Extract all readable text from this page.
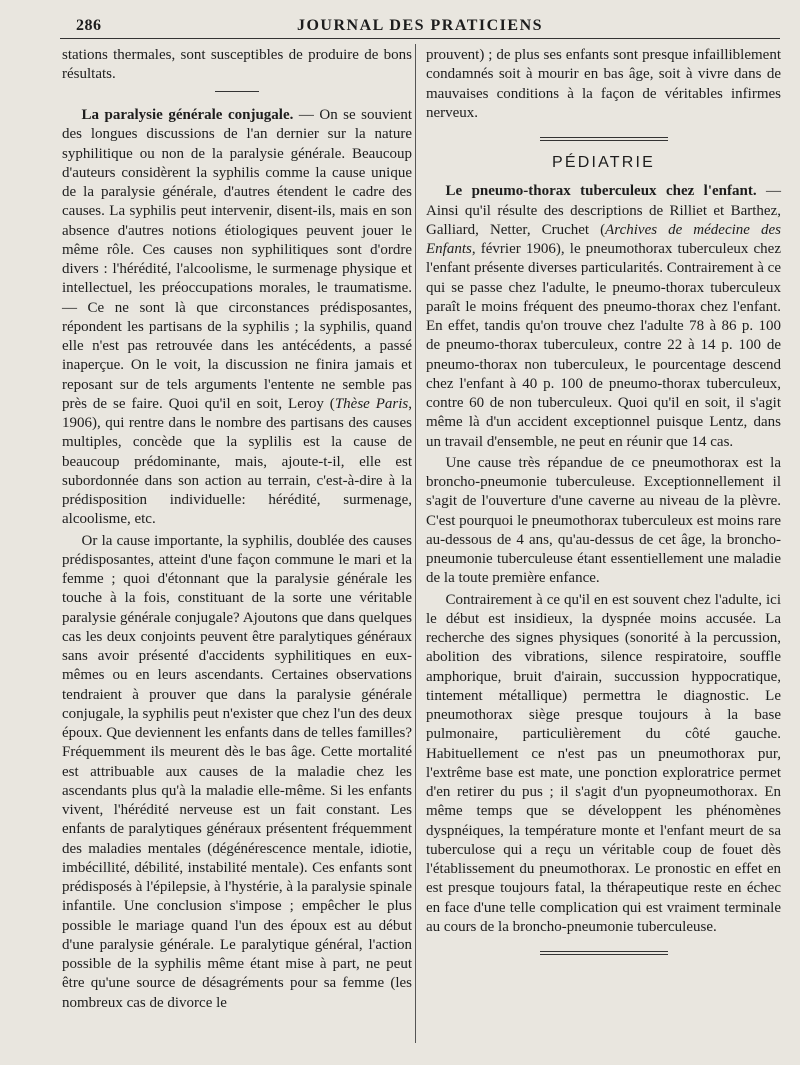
286	JOURNAL DES PRATICIENS

stations thermales, sont susceptibles de produire de bons résultats.

La paralysie générale conjugale. — On se souvient des longues discussions de l'an dernier sur la nature syphilitique ou non de la paralysie générale. Beaucoup d'auteurs considèrent la syphilis comme la cause unique de la paralysie générale, d'autres étendent le cadre des causes. La syphilis peut intervenir, disent-ils, mais en son absence d'autres notions étiologiques peuvent jouer le même rôle. Ces causes non syphilitiques sont d'ordre divers : l'hérédité, l'alcoolisme, le surmenage physique et intellectuel, les préoccupations morales, le traumatisme. — Ce ne sont là que circonstances prédisposantes, répondent les partisans de la syphilis ; la syphilis, quand elle n'est pas retrouvée dans les antécédents, a passé inaperçue. On le voit, la discussion ne finira jamais et reposant sur de tels arguments l'entente ne semble pas près de se faire. Quoi qu'il en soit, Leroy (Thèse Paris, 1906), qui rentre dans le nombre des partisans des causes multiples, concède que la syplilis est la cause de beaucoup prédominante, mais, ajoute-t-il, elle est subordonnée dans son action au terrain, c'est-à-dire à la prédisposition individuelle: hérédité, surmenage, alcoolisme, etc.

Or la cause importante, la syphilis, doublée des causes prédisposantes, atteint d'une façon commune le mari et la femme ; quoi d'étonnant que la paralysie générale les touche à la fois, constituant de la sorte une véritable paralysie générale conjugale? Ajoutons que dans quelques cas les deux conjoints peuvent être paralytiques généraux sans avoir présenté d'accidents syphilitiques en eux-mêmes ou en leurs ascendants. Certaines observations tendraient à prouver que dans la paralysie générale conjugale, la syphilis peut n'exister que chez l'un des deux époux. Que deviennent les enfants dans de telles familles? Fréquemment ils meurent dès le bas âge. Cette mortalité est attribuable aux causes de la maladie chez les ascendants plus qu'à la maladie elle-même. Si les enfants vivent, l'hérédité nerveuse est un fait constant. Les enfants de paralytiques généraux présentent fréquemment des maladies mentales (dégénérescence mentale, idiotie, imbécillité, débilité, instabilité mentale). Ces enfants sont prédisposés à l'épilepsie, à l'hystérie, à la paralysie spinale infantile. Une conclusion s'impose ; empêcher le plus possible le mariage quand l'un des époux est au début d'une paralysie générale. Le paralytique général, l'action possible de la syphilis même étant mise à part, ne peut être qu'une source de désagréments pour sa femme (les nombreux cas de divorce le

prouvent) ; de plus ses enfants sont presque infailliblement condamnés soit à mourir en bas âge, soit à vivre dans de mauvaises conditions à la façon de véritables infirmes nerveux.

PÉDIATRIE

Le pneumo-thorax tuberculeux chez l'enfant. — Ainsi qu'il résulte des descriptions de Rilliet et Barthez, Galliard, Netter, Cruchet (Archives de médecine des Enfants, février 1906), le pneumothorax tuberculeux chez l'enfant présente diverses particularités. Contrairement à ce qui se passe chez l'adulte, le pneumo-thorax tuberculeux paraît le moins fréquent des pneumo-thorax chez l'enfant. En effet, tandis qu'on trouve chez l'adulte 78 à 86 p. 100 de pneumo-thorax tuberculeux, contre 22 à 14 p. 100 de pneumo-thorax non tuberculeux, le pourcentage descend chez l'enfant à 40 p. 100 de pneumo-thorax tuberculeux, contre 60 de non tuberculeux. Quoi qu'il en soit, il s'agit même là d'un accident exceptionnel puisque Lentz, dans un travail d'ensemble, ne peut en réunir que 14 cas.

Une cause très répandue de ce pneumothorax est la broncho-pneumonie tuberculeuse. Exceptionnellement il s'agit de l'ouverture d'une caverne au niveau de la plèvre. C'est pourquoi le pneumothorax tuberculeux est moins rare au-dessous de 4 ans, qu'au-dessus de cet âge, la broncho-pneumonie tuberculeuse étant essentiellement une maladie de la toute première enfance.

Contrairement à ce qu'il en est souvent chez l'adulte, ici le début est insidieux, la dyspnée moins accusée. La recherche des signes physiques (sonorité à la percussion, abolition des vibrations, silence respiratoire, souffle amphorique, bruit d'airain, succussion hyppocratique, tintement métallique) permettra le diagnostic. Le pneumothorax siège presque toujours à la base pulmonaire, particulièrement du côté gauche. Habituellement ce n'est pas un pneumothorax pur, l'extrême base est mate, une ponction exploratrice permet d'en retirer du pus ; il s'agit d'un pyopneumothorax. En même temps que se développent les phénomènes dyspnéiques, la température monte et l'enfant meurt de sa tuberculose qui a reçu un véritable coup de fouet dès l'établissement du pneumothorax. Le pronostic en effet en est presque toujours fatal, la thérapeutique reste en échec en face d'une telle complication qui est vraiment terminale au cours de la broncho-pneumonie tuberculeuse.
